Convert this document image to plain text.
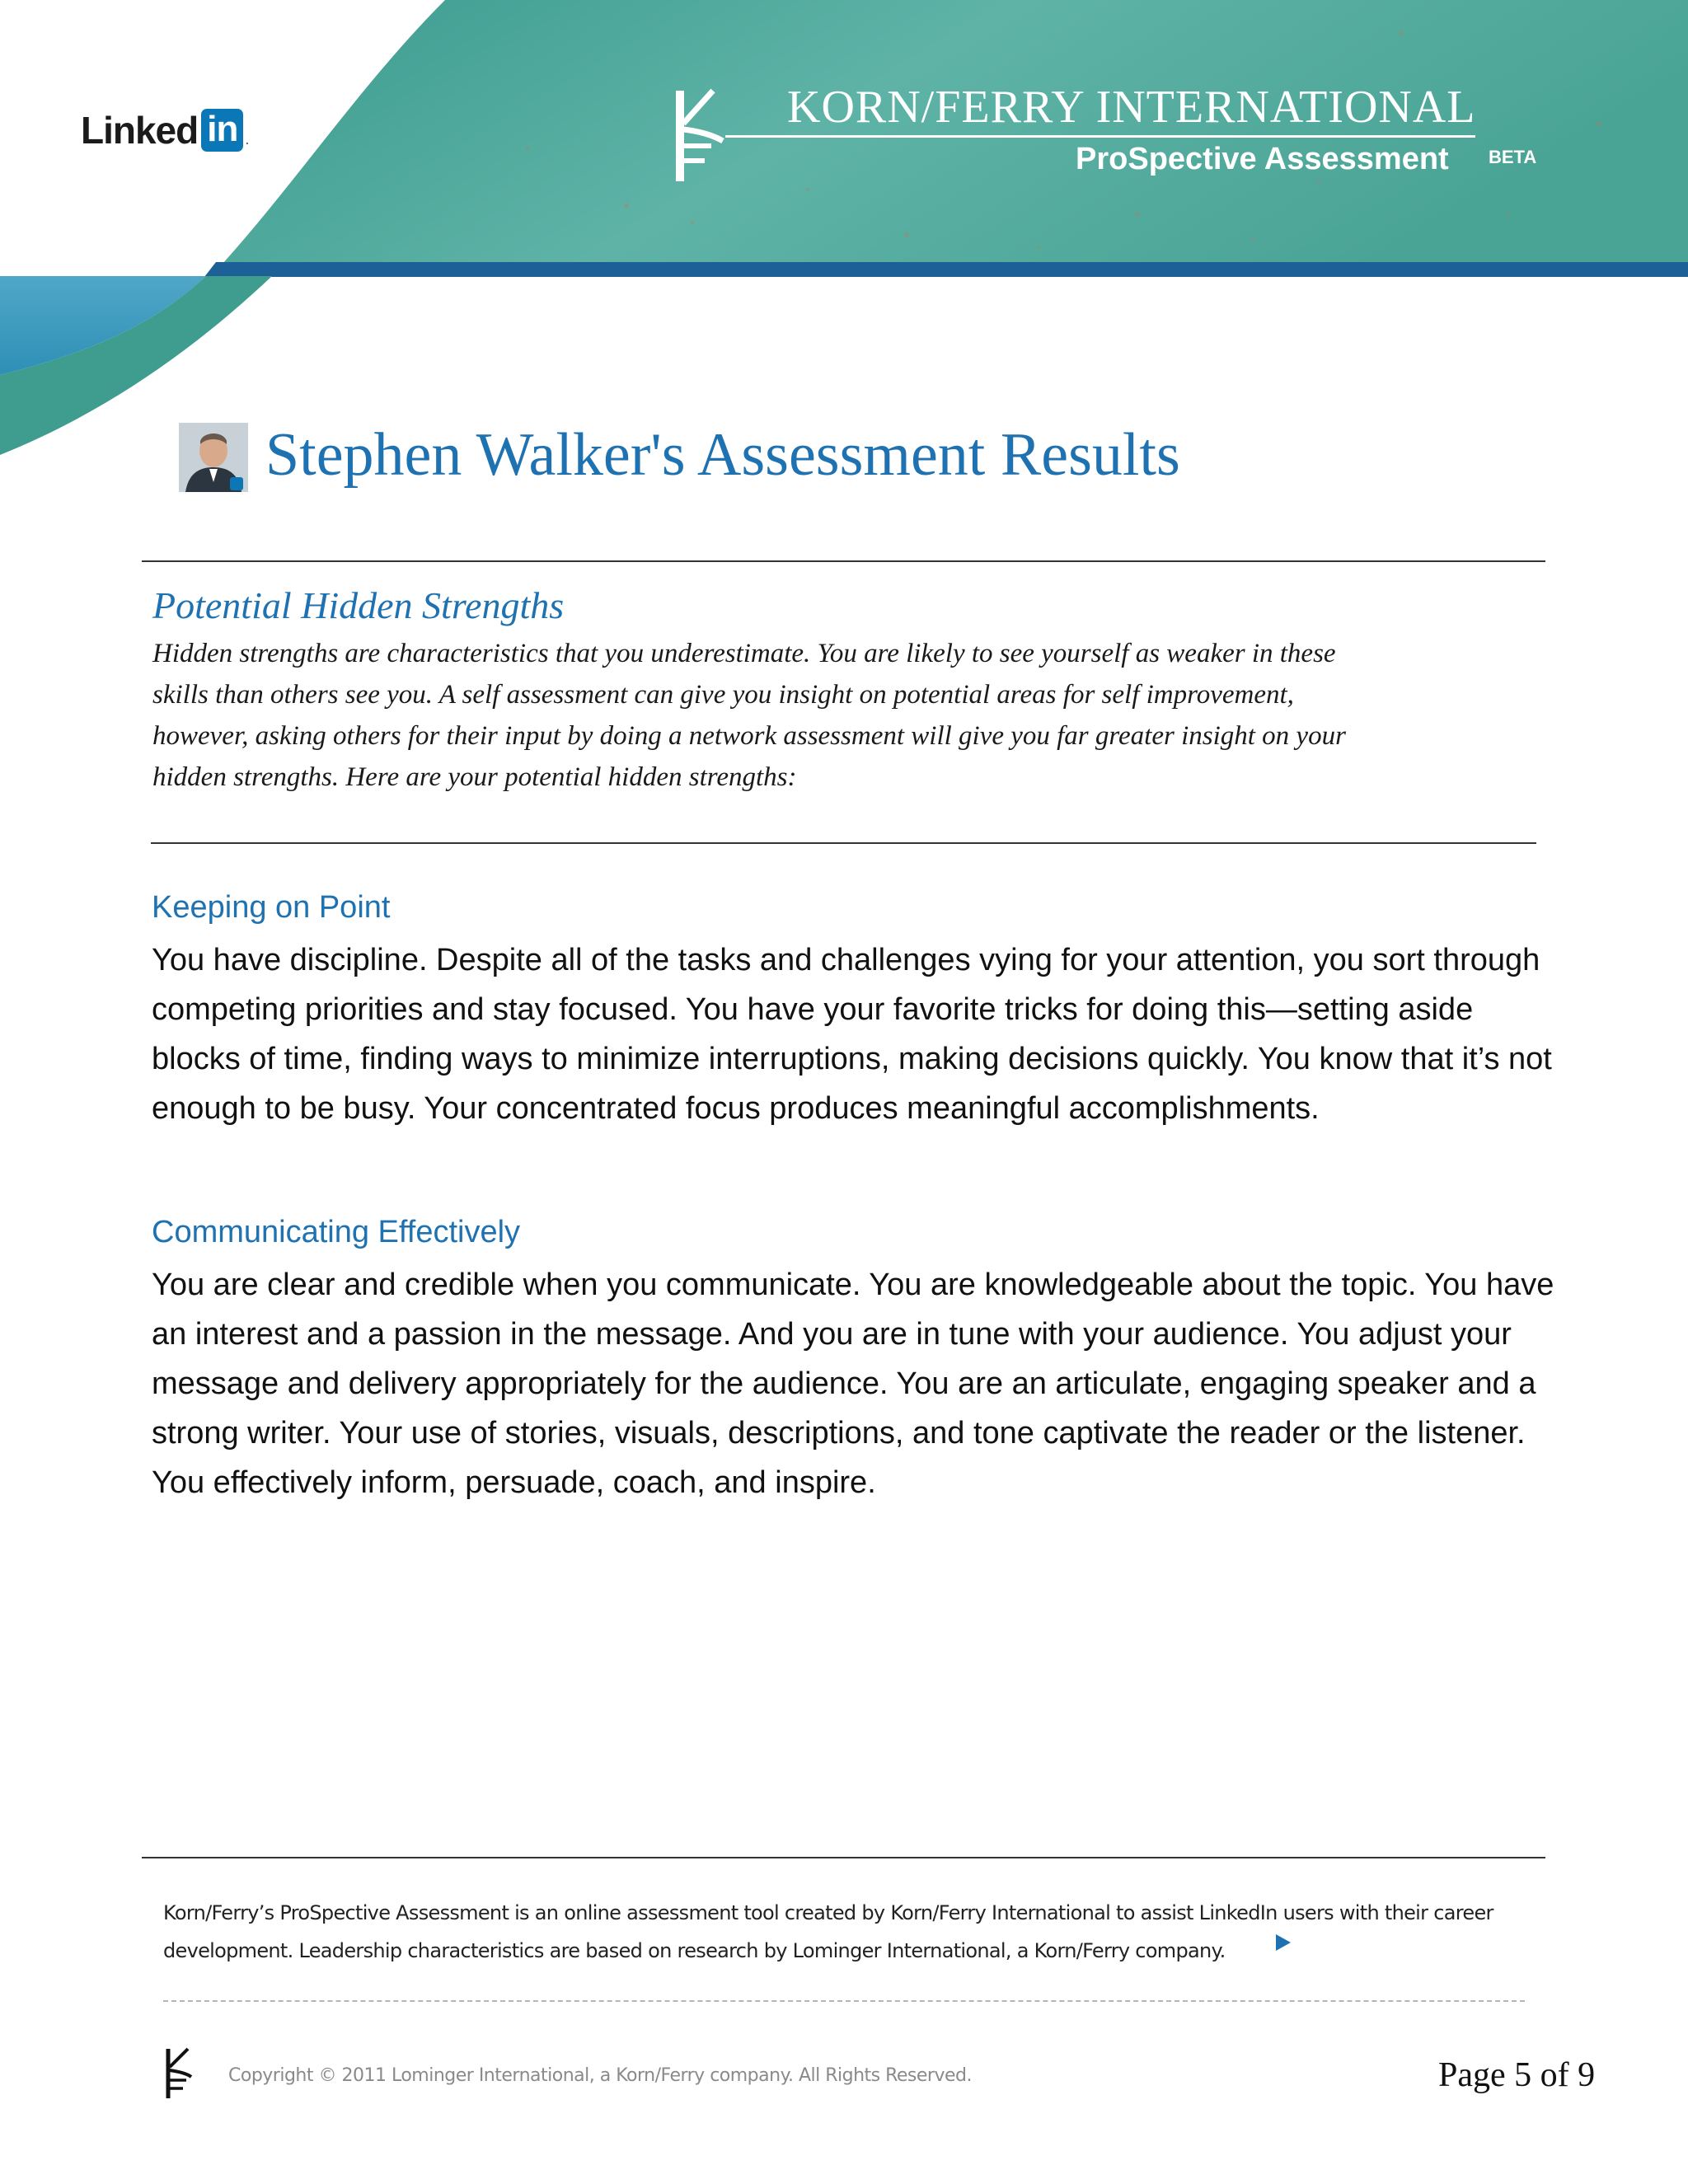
Linked in .
KORN/FERRY INTERNATIONAL
ProSpective Assessment BETA
Stephen Walker's Assessment Results
Potential Hidden Strengths
Hidden strengths are characteristics that you underestimate. You are likely to see yourself as weaker in these
skills than others see you. A self assessment can give you insight on potential areas for self improvement,
however, asking others for their input by doing a network assessment will give you far greater insight on your
hidden strengths. Here are your potential hidden strengths:
Keeping on Point
You have discipline. Despite all of the tasks and challenges vying for your attention, you sort through competing priorities and stay focused. You have your favorite tricks for doing this—setting aside blocks of time, finding ways to minimize interruptions, making decisions quickly. You know that it’s not enough to be busy. Your concentrated focus produces meaningful accomplishments.
Communicating Effectively
You are clear and credible when you communicate. You are knowledgeable about the topic. You have an interest and a passion in the message. And you are in tune with your audience. You adjust your message and delivery appropriately for the audience. You are an articulate, engaging speaker and a strong writer. Your use of stories, visuals, descriptions, and tone captivate the reader or the listener. You effectively inform, persuade, coach, and inspire.
Korn/Ferry’s ProSpective Assessment is an online assessment tool created by Korn/Ferry International to assist LinkedIn users with their career development. Leadership characteristics are based on research by Lominger International, a Korn/Ferry company.
Copyright © 2011 Lominger International, a Korn/Ferry company. All Rights Reserved.	Page 5 of 9
